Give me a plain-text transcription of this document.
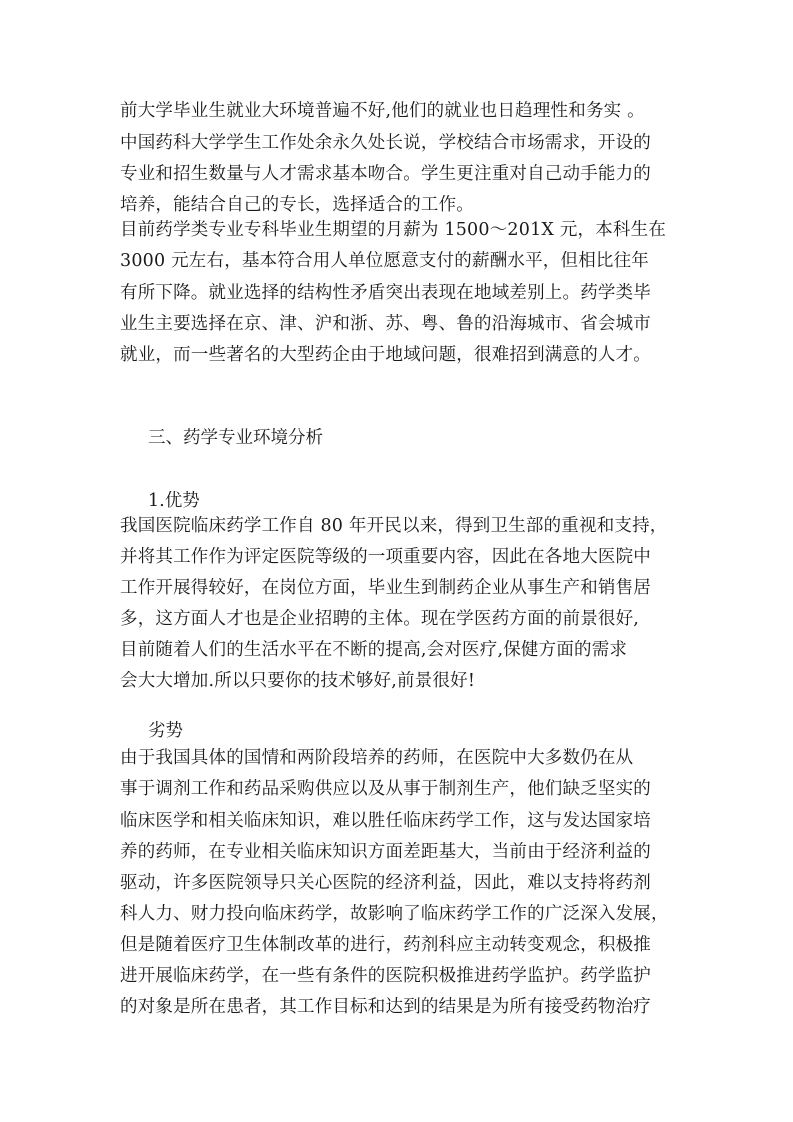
前大学毕业生就业大环境普遍不好,他们的就业也日趋理性和务实 。
中国药科大学学生工作处余永久处长说，学校结合市场需求，开设的
专业和招生数量与人才需求基本吻合。学生更注重对自己动手能力的
培养，能结合自己的专长，选择适合的工作。
目前药学类专业专科毕业生期望的月薪为 1500～201X 元，本科生在
3000 元左右，基本符合用人单位愿意支付的薪酬水平，但相比往年
有所下降。就业选择的结构性矛盾突出表现在地域差别上。药学类毕
业生主要选择在京、津、沪和浙、苏、粤、鲁的沿海城市、省会城市
就业，而一些著名的大型药企由于地域问题，很难招到满意的人才。
三、药学专业环境分析
1.优势
我国医院临床药学工作自 80 年开民以来，得到卫生部的重视和支持，
并将其工作作为评定医院等级的一项重要内容，因此在各地大医院中
工作开展得较好，在岗位方面，毕业生到制药企业从事生产和销售居
多，这方面人才也是企业招聘的主体。现在学医药方面的前景很好,
目前随着人们的生活水平在不断的提高,会对医疗,保健方面的需求
会大大增加.所以只要你的技术够好,前景很好!
劣势
由于我国具体的国情和两阶段培养的药师，在医院中大多数仍在从
事于调剂工作和药品采购供应以及从事于制剂生产，他们缺乏坚实的
临床医学和相关临床知识，难以胜任临床药学工作，这与发达国家培
养的药师，在专业相关临床知识方面差距基大，当前由于经济利益的
驱动，许多医院领导只关心医院的经济利益，因此，难以支持将药剂
科人力、财力投向临床药学，故影响了临床药学工作的广泛深入发展，
但是随着医疗卫生体制改革的进行，药剂科应主动转变观念，积极推
进开展临床药学，在一些有条件的医院积极推进药学监护。药学监护
的对象是所在患者，其工作目标和达到的结果是为所有接受药物治疗
